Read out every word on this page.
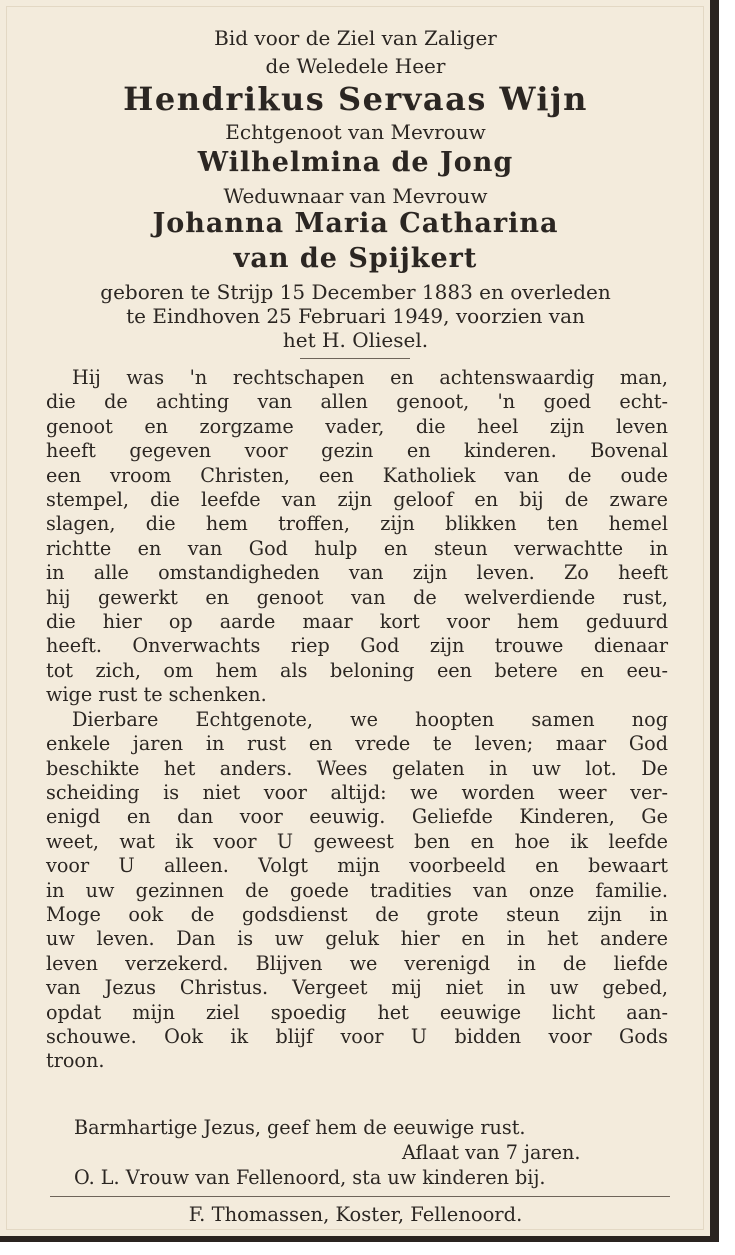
Bid voor de Ziel van Zaliger
de Weledele Heer
Hendrikus Servaas Wijn
Echtgenoot van Mevrouw
Wilhelmina de Jong
Weduwnaar van Mevrouw
Johanna Maria Catharina
van de Spijkert
geboren te Strijp 15 December 1883 en overleden
te Eindhoven 25 Februari 1949, voorzien van
het H. Oliesel.

Hij was 'n rechtschapen en achtenswaardig man,
die de achting van allen genoot, 'n goed echt-
genoot en zorgzame vader, die heel zijn leven
heeft gegeven voor gezin en kinderen. Bovenal
een vroom Christen, een Katholiek van de oude
stempel, die leefde van zijn geloof en bij de zware
slagen, die hem troffen, zijn blikken ten hemel
richtte en van God hulp en steun verwachtte in
in alle omstandigheden van zijn leven. Zo heeft
hij gewerkt en genoot van de welverdiende rust,
die hier op aarde maar kort voor hem geduurd
heeft. Onverwachts riep God zijn trouwe dienaar
tot zich, om hem als beloning een betere en eeu-
wige rust te schenken.

Dierbare Echtgenote, we hoopten samen nog
enkele jaren in rust en vrede te leven; maar God
beschikte het anders. Wees gelaten in uw lot. De
scheiding is niet voor altijd: we worden weer ver-
enigd en dan voor eeuwig. Geliefde Kinderen, Ge
weet, wat ik voor U geweest ben en hoe ik leefde
voor U alleen. Volgt mijn voorbeeld en bewaart
in uw gezinnen de goede tradities van onze familie.
Moge ook de godsdienst de grote steun zijn in
uw leven. Dan is uw geluk hier en in het andere
leven verzekerd. Blijven we verenigd in de liefde
van Jezus Christus. Vergeet mij niet in uw gebed,
opdat mijn ziel spoedig het eeuwige licht aan-
schouwe. Ook ik blijf voor U bidden voor Gods
troon.

Barmhartige Jezus, geef hem de eeuwige rust.
Aflaat van 7 jaren.
O. L. Vrouw van Fellenoord, sta uw kinderen bij.
F. Thomassen, Koster, Fellenoord.
